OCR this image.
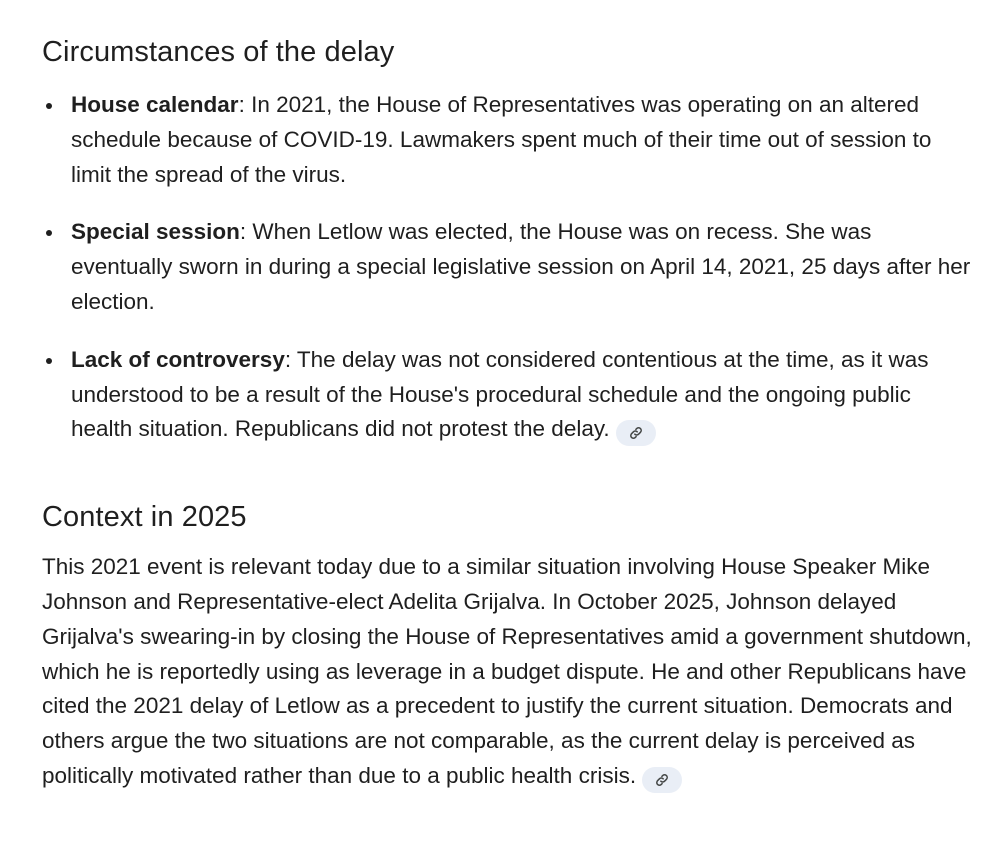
Circumstances of the delay
House calendar: In 2021, the House of Representatives was operating on an altered schedule because of COVID-19. Lawmakers spent much of their time out of session to limit the spread of the virus.
Special session: When Letlow was elected, the House was on recess. She was eventually sworn in during a special legislative session on April 14, 2021, 25 days after her election.
Lack of controversy: The delay was not considered contentious at the time, as it was understood to be a result of the House's procedural schedule and the ongoing public health situation. Republicans did not protest the delay.
Context in 2025

This 2021 event is relevant today due to a similar situation involving House Speaker Mike Johnson and Representative-elect Adelita Grijalva. In October 2025, Johnson delayed Grijalva's swearing-in by closing the House of Representatives amid a government shutdown, which he is reportedly using as leverage in a budget dispute. He and other Republicans have cited the 2021 delay of Letlow as a precedent to justify the current situation. Democrats and others argue the two situations are not comparable, as the current delay is perceived as politically motivated rather than due to a public health crisis.
